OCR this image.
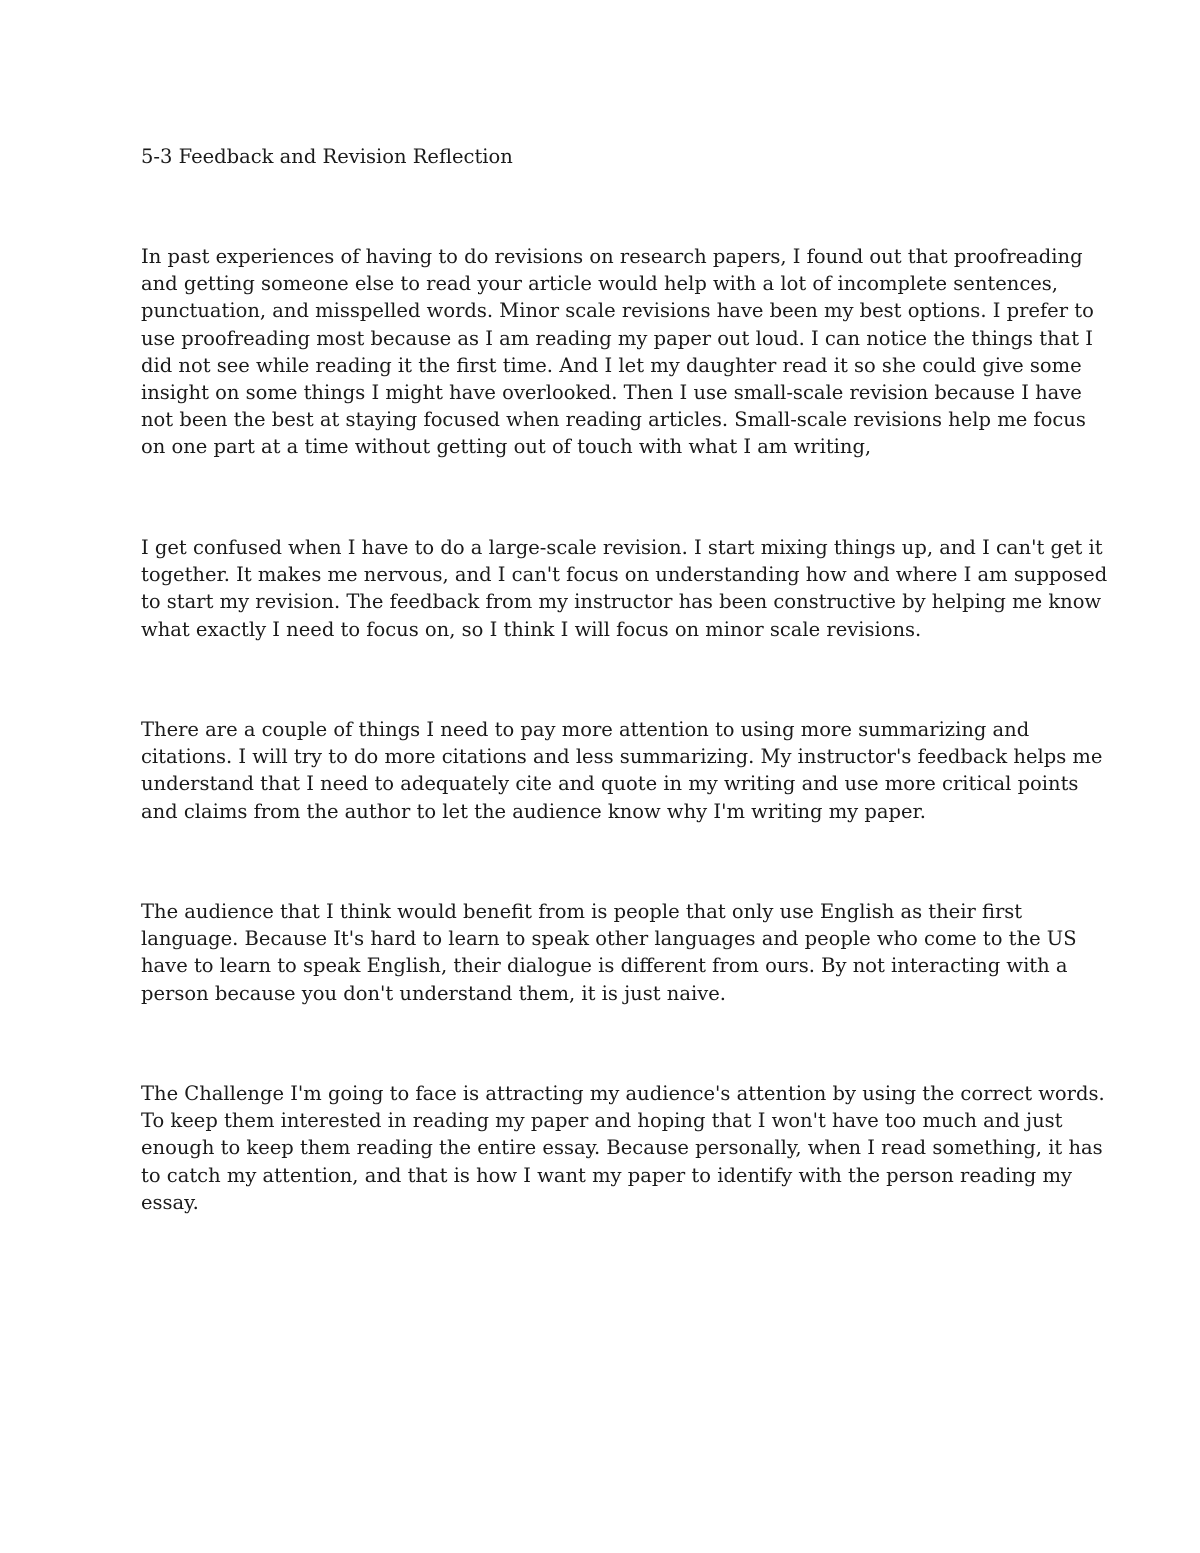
5-3 Feedback and Revision Reflection
In past experiences of having to do revisions on research papers, I found out that proofreading
and getting someone else to read your article would help with a lot of incomplete sentences,
punctuation, and misspelled words. Minor scale revisions have been my best options. I prefer to
use proofreading most because as I am reading my paper out loud. I can notice the things that I
did not see while reading it the first time. And I let my daughter read it so she could give some
insight on some things I might have overlooked. Then I use small-scale revision because I have
not been the best at staying focused when reading articles. Small-scale revisions help me focus
on one part at a time without getting out of touch with what I am writing,
I get confused when I have to do a large-scale revision. I start mixing things up, and I can't get it
together. It makes me nervous, and I can't focus on understanding how and where I am supposed
to start my revision. The feedback from my instructor has been constructive by helping me know
what exactly I need to focus on, so I think I will focus on minor scale revisions.
There are a couple of things I need to pay more attention to using more summarizing and
citations. I will try to do more citations and less summarizing. My instructor's feedback helps me
understand that I need to adequately cite and quote in my writing and use more critical points
and claims from the author to let the audience know why I'm writing my paper.
The audience that I think would benefit from is people that only use English as their first
language. Because It's hard to learn to speak other languages and people who come to the US
have to learn to speak English, their dialogue is different from ours. By not interacting with a
person because you don't understand them, it is just naive.
The Challenge I'm going to face is attracting my audience's attention by using the correct words.
To keep them interested in reading my paper and hoping that I won't have too much and just
enough to keep them reading the entire essay. Because personally, when I read something, it has
to catch my attention, and that is how I want my paper to identify with the person reading my
essay.
